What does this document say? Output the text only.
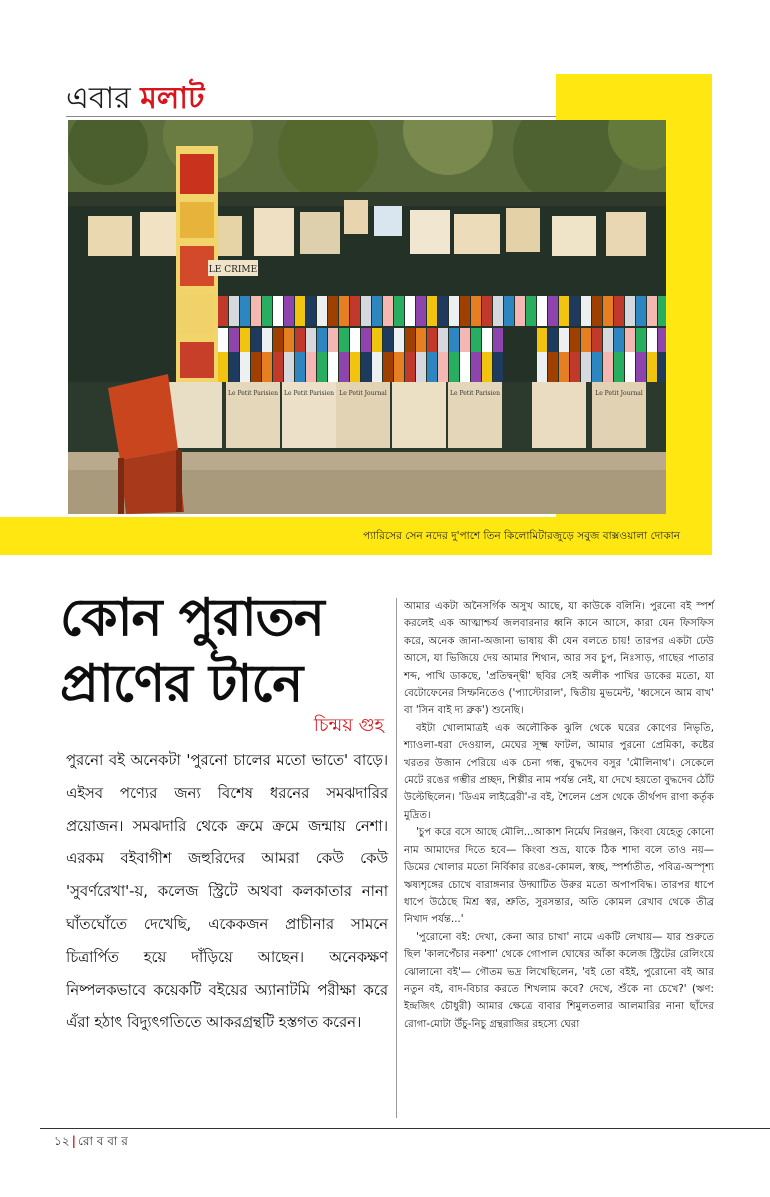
এবার মলাট
LE CRIME
Le Petit Parisien Le Petit Parisien Le Petit Journal	Le Petit Parisien	Le Petit Journal
প্যারিসের সেন নদের দু'পাশে তিন কিলোমিটারজুড়ে সবুজ বাক্সওয়ালা দোকান
কোন পুরাতন
প্রাণের টানে
চিন্ময় গুহ

পুরনো বই অনেকটা 'পুরনো চালের মতো ভাতে' বাড়ে। এইসব পণ্যের জন্য বিশেষ ধরনের সমঝদারির প্রয়োজন। সমঝদারি থেকে ক্রমে ক্রমে জন্মায় নেশা। এরকম বইবাগীশ জহুরিদের আমরা কেউ কেউ 'সুবর্ণরেখা'-য়, কলেজ স্ট্রিটে অথবা কলকাতার নানা ঘাঁতঘোঁতে দেখেছি, একেকজন প্রাচীনার সামনে চিত্রার্পিত হয়ে দাঁড়িয়ে আছেন। অনেকক্ষণ নিষ্পলকভাবে কয়েকটি বইয়ের অ্যানাটমি পরীক্ষা করে এঁরা হঠাৎ বিদ্যুৎগতিতে আকরগ্রন্থটি হস্তগত করেন।

আমার একটা অনৈসর্গিক অসুখ আছে, যা কাউকে বলিনি। পুরনো বই স্পর্শ করলেই এক আত্মাশ্চর্য জলবারনার ধ্বনি কানে আসে, কারা যেন ফিসফিস করে, অনেক জানা-অজানা ভাষায় কী যেন বলতে চায়! তারপর একটা ঢেউ আসে, যা ভিজিয়ে দেয় আমার শিথান, আর সব চুপ, নিঃসাড়, গাছের পাতার শব্দ, পাখি ডাকছে, 'প্রতিদ্বন্দ্বী' ছবির সেই অলীক পাখির ডাকের মতো, যা বেটোফেনের সিম্ফনিতেও ('প্যাস্টোরাল', দ্বিতীয় মুভমেন্ট, 'ধ্বসেনে আম বাখ' বা 'সিন বাই দ্য ব্রুক') শুনেছি।

বইটা খোলামাত্রই এক অলৌকিক ঝুলি থেকে ঘরের কোণের নিভৃতি, শ্যাওলা-ধরা দেওয়াল, মেঘের সূক্ষ্ম ফাটল, আমার পুরনো প্রেমিকা, কষ্টের খরতর উজান পেরিয়ে এক চেনা গন্ধ, বুদ্ধদেব বসুর 'মৌলিনাথ'। সেকেলে মেটে রঙের গম্ভীর প্রচ্ছদ, শিল্পীর নাম পর্যন্ত নেই, যা দেখে হয়তো বুদ্ধদেব ঠোঁট উল্টেছিলেন। 'ডিএম লাইব্রেরী'-র বই, শৈলেন প্রেস থেকে তীর্থপদ রাণা কর্তৃক মুদ্রিত।

'চুপ করে বসে আছে মৌলি...আকাশ নির্মেঘ নিরঞ্জন, কিংবা যেহেতু কোনো নাম আমাদের দিতে হবে— কিংবা শুভ্র, যাকে ঠিক শাদা বলে তাও নয়— ডিমের খোলার মতো নির্বিকার রঙের-কোমল, স্বচ্ছ, স্পর্শাতীত, পবিত্র-অস্পৃশ্য ঋষ্যশৃঙ্গের চোখে বারাঙ্গনার উদ্ঘাটিত উরুর মতো অপাপবিদ্ধ। তারপর ধাপে ধাপে উঠেছে মিশ্র স্বর, শ্রুতি, সুরসন্তার, অতি কোমল রেখাব থেকে তীব্র নিখাদ পর্যন্ত...'

'পুরোনো বই: দেখা, কেনা আর চাখা' নামে একটি লেখায়— যার শুরুতে ছিল 'কালপেঁচার নকশা' থেকে গোপাল ঘোষের আঁকা কলেজ স্ট্রিটের রেলিংয়ে ঝোলানো বই'— গৌতম ভদ্র লিখেছিলেন, 'বই তো বইই, পুরোনো বই আর নতুন বই, বাদ-বিচার করতে শিখলাম কবে? দেখে, শুঁকে না চেখে?' (ঋণ: ইন্দ্রজিৎ চৌধুরী) আমার ক্ষেত্রে বাবার শিমুলতলার আলমারির নানা ছাঁদের রোগা-মোটা উঁচু-নিচু গ্রন্থরাজির রহস্যে ঘেরা

১২ | রো ব বা র
